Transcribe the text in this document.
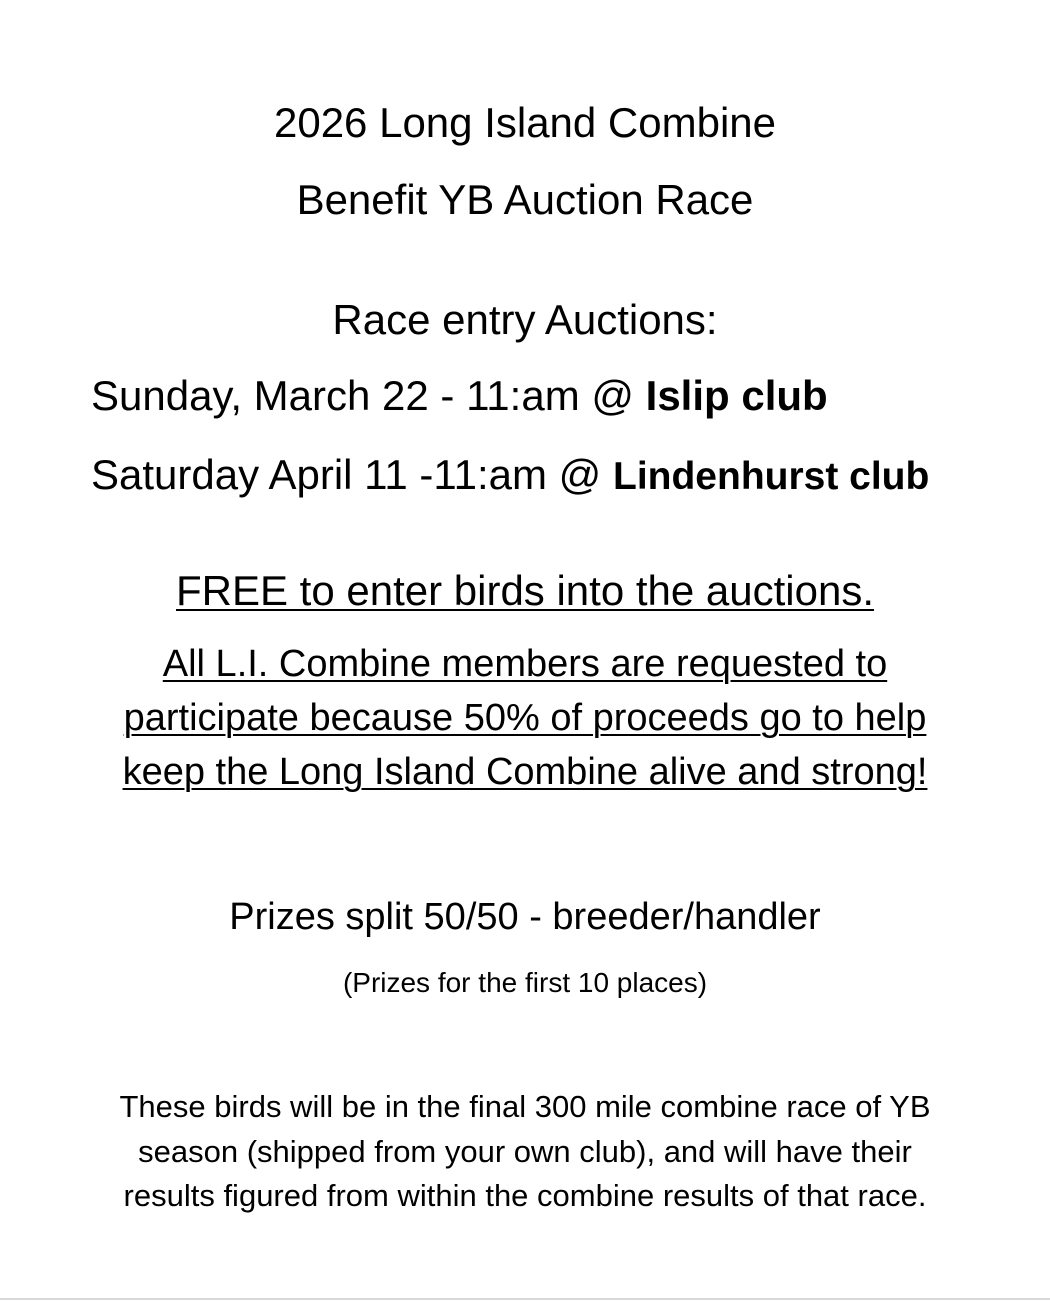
2026 Long Island Combine
Benefit YB Auction Race
Race entry Auctions:
Sunday, March 22 - 11:am @ Islip club
Saturday April 11 -11:am @ Lindenhurst club
FREE to enter birds into the auctions.
All L.I. Combine members are requested to
participate because 50% of proceeds go to help
keep the Long Island Combine alive and strong!
Prizes split 50/50 - breeder/handler
(Prizes for the first 10 places)
These birds will be in the final 300 mile combine race of YB
season (shipped from your own club), and will have their
results figured from within the combine results of that race.
